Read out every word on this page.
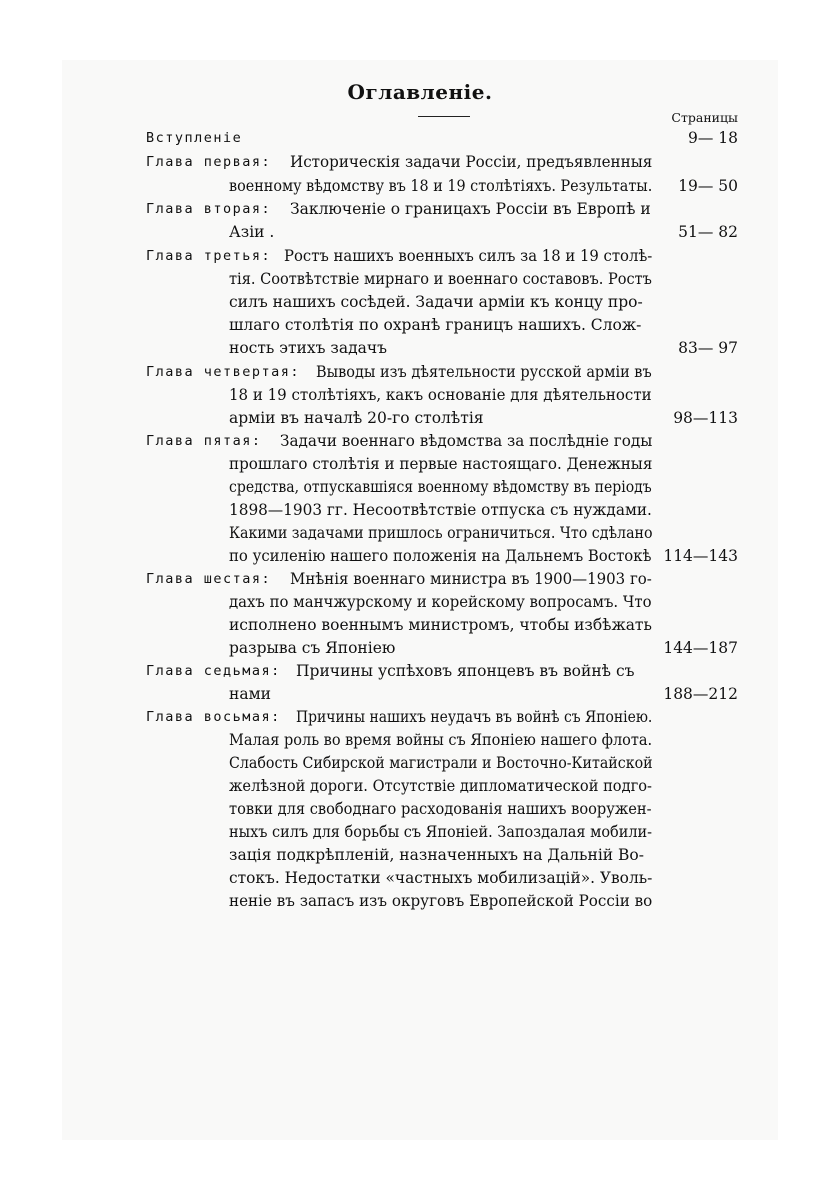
Оглавленіе.
Страницы
Вступленіе	9— 18
Глава первая: Историческія задачи Россіи, предъявленныя
военному вѣдомству въ 18 и 19 столѣтіяхъ. Результаты.	19— 50
Глава вторая: Заключеніе о границахъ Россіи въ Европѣ и
Азіи .	51— 82
Глава третья: Ростъ нашихъ военныхъ силъ за 18 и 19 столѣ-
тія. Соотвѣтствіе мирнаго и военнаго составовъ. Ростъ
силъ нашихъ сосѣдей. Задачи арміи къ концу про-
шлаго столѣтія по охранѣ границъ нашихъ. Слож-
ность этихъ задачъ	83— 97
Глава четвертая: Выводы изъ дѣятельности русской арміи въ
18 и 19 столѣтіяхъ, какъ основаніе для дѣятельности
арміи въ началѣ 20-го столѣтія	98—113
Глава пятая: Задачи военнаго вѣдомства за послѣдніе годы
прошлаго столѣтія и первые настоящаго. Денежныя
средства, отпускавшіяся военному вѣдомству въ періодъ
1898—1903 гг. Несоотвѣтствіе отпуска съ нуждами.
Какими задачами пришлось ограничиться. Что сдѣлано
по усиленію нашего положенія на Дальнемъ Востокѣ 114—143
Глава шестая: Мнѣнія военнаго министра въ 1900—1903 го-
дахъ по манчжурскому и корейскому вопросамъ. Что
исполнено военнымъ министромъ, чтобы избѣжать
разрыва съ Японіею	144—187
Глава седьмая: Причины успѣховъ японцевъ въ войнѣ съ
нами	188—212
Глава восьмая: Причины нашихъ неудачъ въ войнѣ съ Японіею.
Малая роль во время войны съ Японіею нашего флота.
Слабость Сибирской магистрали и Восточно-Китайской
желѣзной дороги. Отсутствіе дипломатической подго-
товки для свободнаго расходованія нашихъ вооружен-
ныхъ силъ для борьбы съ Японіей. Запоздалая мобили-
зація подкрѣпленій, назначенныхъ на Дальній Во-
стокъ. Недостатки «частныхъ мобилизацій». Уволь-
неніе въ запасъ изъ округовъ Европейской Россіи во
